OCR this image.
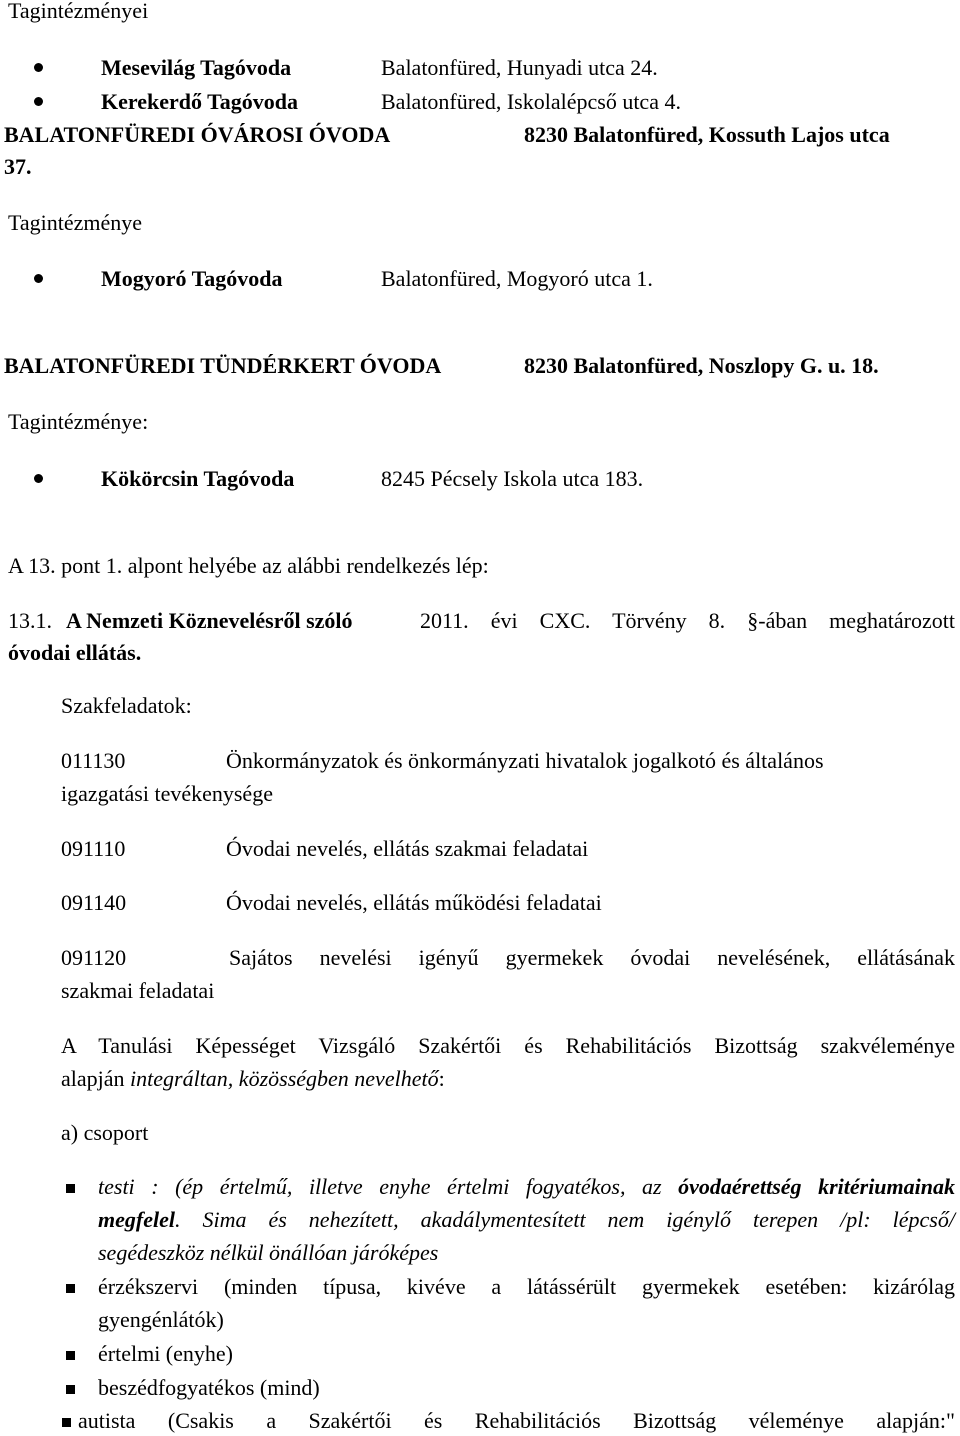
Tagintézményei
Mesevilág Tagóvoda	Balatonfüred, Hunyadi utca 24.
Kerekerdő Tagóvoda	Balatonfüred, Iskolalépcső utca 4.
BALATONFÜREDI ÓVÁROSI ÓVODA	8230 Balatonfüred, Kossuth Lajos utca
37.
Tagintézménye
Mogyoró Tagóvoda	Balatonfüred, Mogyoró utca 1.
BALATONFÜREDI TÜNDÉRKERT ÓVODA	8230 Balatonfüred, Noszlopy G. u. 18.
Tagintézménye:
Kökörcsin Tagóvoda	8245 Pécsely Iskola utca 183.
A 13. pont 1. alpont helyébe az alábbi rendelkezés lép:
13.1. A Nemzeti Köznevelésről szóló	2011. évi CXC. Törvény 8. §-ában meghatározott
óvodai ellátás.
Szakfeladatok:
011130	Önkormányzatok és önkormányzati hivatalok jogalkotó és általános
igazgatási tevékenysége
091110	Óvodai nevelés, ellátás szakmai feladatai
091140	Óvodai nevelés, ellátás működési feladatai
091120	Sajátos nevelési igényű gyermekek óvodai nevelésének, ellátásának
szakmai feladatai
A Tanulási Képességet Vizsgáló Szakértői és Rehabilitációs Bizottság szakvéleménye
alapján integráltan, közösségben nevelhető:
a) csoport
testi : (ép értelmű, illetve enyhe értelmi fogyatékos, az óvodaérettség kritériumainak
megfelel. Sima és nehezített, akadálymentesített nem igénylő terepen /pl: lépcső/
segédeszköz nélkül önállóan járóképes
érzékszervi (minden típusa, kivéve a látássérült gyermekek esetében: kizárólag
gyengénlátók)
értelmi (enyhe)
beszédfogyatékos (mind)
autista (Csakis a Szakértői és Rehabilitációs Bizottság véleménye alapján:"
